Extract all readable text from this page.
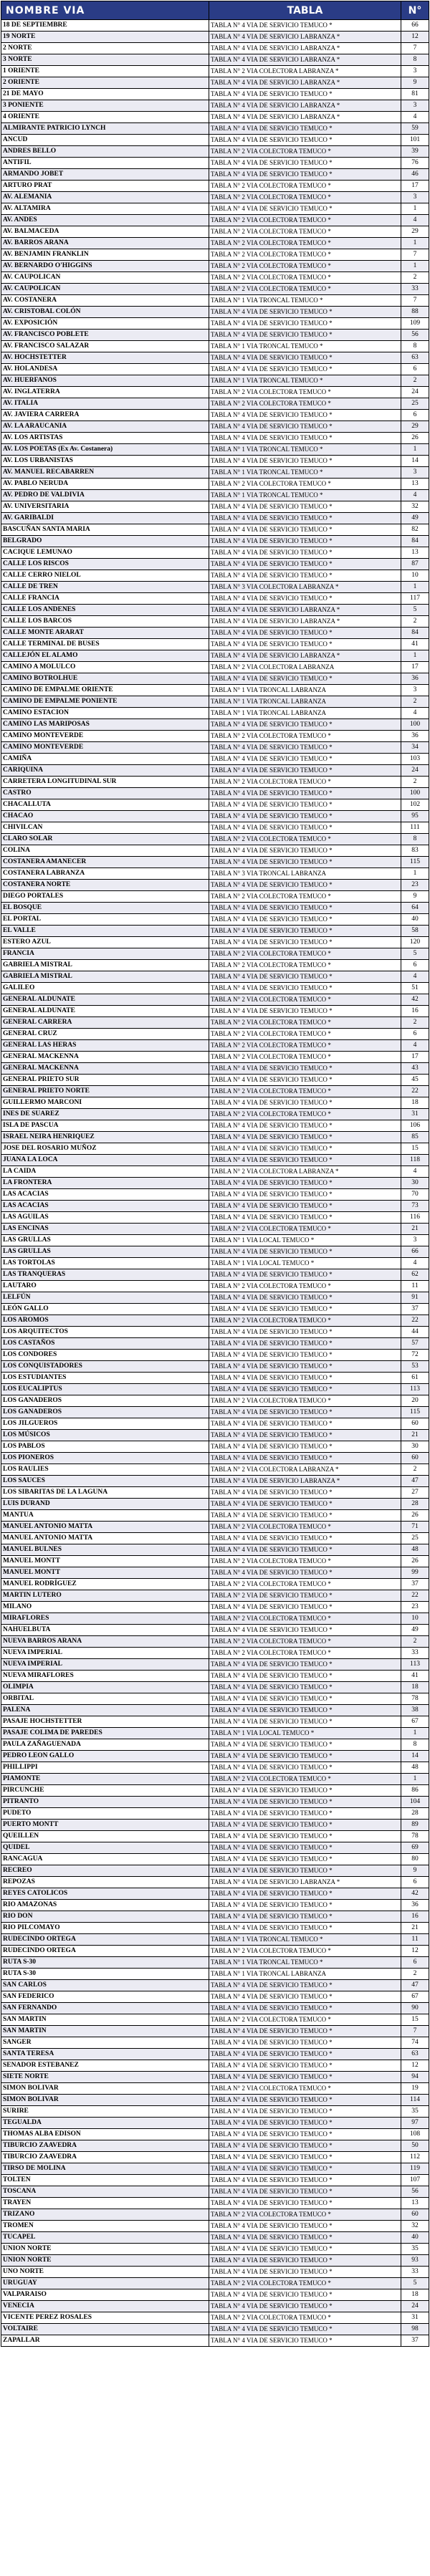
NOMBRE VIA	TABLA	N°
18 DE SEPTIEMBRE	TABLA N° 4 VIA DE SERVICIO TEMUCO *	66
19 NORTE	TABLA N° 4 VIA DE SERVICIO LABRANZA *	12
2 NORTE	TABLA N° 4 VIA DE SERVICIO LABRANZA *	7
3 NORTE	TABLA N° 4 VIA DE SERVICIO LABRANZA *	8
1 ORIENTE	TABLA N° 2 VIA COLECTORA LABRANZA *	3
2 ORIENTE	TABLA N° 4 VIA DE SERVICIO LABRANZA *	9
21 DE MAYO	TABLA N° 4 VIA DE SERVICIO TEMUCO *	81
3 PONIENTE	TABLA N° 4 VIA DE SERVICIO LABRANZA *	3
4 ORIENTE	TABLA N° 4 VIA DE SERVICIO LABRANZA *	4
ALMIRANTE PATRICIO LYNCH	TABLA N° 4 VIA DE SERVICIO TEMUCO *	59
ANCUD	TABLA N° 4 VIA DE SERVICIO TEMUCO *	101
ANDRES BELLO	TABLA N° 2 VIA COLECTORA TEMUCO *	39
ANTIFIL	TABLA N° 4 VIA DE SERVICIO TEMUCO *	76
ARMANDO JOBET	TABLA N° 4 VIA DE SERVICIO TEMUCO *	46
ARTURO PRAT	TABLA N° 2 VIA COLECTORA TEMUCO *	17
AV. ALEMANIA	TABLA N° 2 VIA COLECTORA TEMUCO *	3
AV. ALTAMIRA	TABLA N° 4 VIA DE SERVICIO TEMUCO *	1
AV. ANDES	TABLA N° 2 VIA COLECTORA TEMUCO *	4
AV. BALMACEDA	TABLA N° 2 VIA COLECTORA TEMUCO *	29
AV. BARROS ARANA	TABLA N° 2 VIA COLECTORA TEMUCO *	1
AV. BENJAMIN FRANKLIN	TABLA N° 2 VIA COLECTORA TEMUCO *	7
AV. BERNARDO O'HIGGINS	TABLA N° 2 VIA COLECTORA TEMUCO *	1
AV. CAUPOLICAN	TABLA N° 2 VIA COLECTORA TEMUCO *	2
AV. CAUPOLICAN	TABLA N° 2 VIA COLECTORA TEMUCO *	33
AV. COSTANERA	TABLA N° 1 VIA TRONCAL TEMUCO *	7
AV. CRISTOBAL COLÓN	TABLA N° 4 VIA DE SERVICIO TEMUCO *	88
AV. EXPOSICIÓN	TABLA N° 4 VIA DE SERVICIO TEMUCO *	109
AV. FRANCISCO POBLETE	TABLA N° 4 VIA DE SERVICIO TEMUCO *	56
AV. FRANCISCO SALAZAR	TABLA N° 1 VIA TRONCAL TEMUCO *	8
AV. HOCHSTETTER	TABLA N° 4 VIA DE SERVICIO TEMUCO *	63
AV. HOLANDESA	TABLA N° 4 VIA DE SERVICIO TEMUCO *	6
AV. HUERFANOS	TABLA N° 1 VIA TRONCAL TEMUCO *	2
AV. INGLATERRA	TABLA N° 2 VIA COLECTORA TEMUCO *	24
AV. ITALIA	TABLA N° 2 VIA COLECTORA TEMUCO *	25
AV. JAVIERA CARRERA	TABLA N° 4 VIA DE SERVICIO TEMUCO *	6
AV. LA ARAUCANIA	TABLA N° 4 VIA DE SERVICIO TEMUCO *	29
AV. LOS ARTISTAS	TABLA N° 4 VIA DE SERVICIO TEMUCO *	26
AV. LOS POETAS (Ex Av. Costanera)	TABLA N° 1 VIA TRONCAL TEMUCO *	1
AV. LOS URBANISTAS	TABLA N° 4 VIA DE SERVICIO TEMUCO *	14
AV. MANUEL RECABARREN	TABLA N° 1 VIA TRONCAL TEMUCO *	3
AV. PABLO NERUDA	TABLA N° 2 VIA COLECTORA TEMUCO *	13
AV. PEDRO DE VALDIVIA	TABLA N° 1 VIA TRONCAL TEMUCO *	4
AV. UNIVERSITARIA	TABLA N° 4 VIA DE SERVICIO TEMUCO *	32
AV. GARIBALDI	TABLA N° 4 VIA DE SERVICIO TEMUCO *	49
BASCUÑAN SANTA MARIA	TABLA N° 4 VIA DE SERVICIO TEMUCO *	82
BELGRADO	TABLA N° 4 VIA DE SERVICIO TEMUCO *	84
CACIQUE LEMUNAO	TABLA N° 4 VIA DE SERVICIO TEMUCO *	13
CALLE LOS RISCOS	TABLA N° 4 VIA DE SERVICIO TEMUCO *	87
CALLE CERRO NIELOL	TABLA N° 4 VIA DE SERVICIO TEMUCO *	10
CALLE DE TREN	TABLA N° 3 VIA COLECTORA LABRANZA *	1
CALLE FRANCIA	TABLA N° 4 VIA DE SERVICIO TEMUCO *	117
CALLE LOS ANDENES	TABLA N° 4 VIA DE SERVICIO LABRANZA *	5
CALLE LOS BARCOS	TABLA N° 4 VIA DE SERVICIO LABRANZA *	2
CALLE MONTE ARARAT	TABLA N° 4 VIA DE SERVICIO TEMUCO *	84
CALLE TERMINAL DE BUSES	TABLA N° 4 VIA DE SERVICIO TEMUCO *	41
CALLEJÓN EL ALAMO	TABLA N° 4 VIA DE SERVICIO LABRANZA *	1
CAMINO A MOLULCO	TABLA N° 2 VIA COLECTORA LABRANZA	17
CAMINO BOTROLHUE	TABLA N° 4 VIA DE SERVICIO TEMUCO *	36
CAMINO DE EMPALME ORIENTE	TABLA N° 1 VIA TRONCAL LABRANZA	3
CAMINO DE EMPALME PONIENTE	TABLA N° 1 VIA TRONCAL LABRANZA	2
CAMINO ESTACION	TABLA N° 1 VIA TRONCAL LABRANZA	4
CAMINO LAS MARIPOSAS	TABLA N° 4 VIA DE SERVICIO TEMUCO *	100
CAMINO MONTEVERDE	TABLA N° 2 VIA COLECTORA TEMUCO *	36
CAMINO MONTEVERDE	TABLA N° 4 VIA DE SERVICIO TEMUCO *	34
CAMIÑA	TABLA N° 4 VIA DE SERVICIO TEMUCO *	103
CARIQUINA	TABLA N° 4 VIA DE SERVICIO TEMUCO *	24
CARRETERA LONGITUDINAL SUR	TABLA N° 2 VIA COLECTORA TEMUCO *	2
CASTRO	TABLA N° 4 VIA DE SERVICIO TEMUCO *	100
CHACALLUTA	TABLA N° 4 VIA DE SERVICIO TEMUCO *	102
CHACAO	TABLA N° 4 VIA DE SERVICIO TEMUCO *	95
CHIVILCAN	TABLA N° 4 VIA DE SERVICIO TEMUCO *	111
CLARO SOLAR	TABLA N° 2 VIA COLECTORA TEMUCO *	8
COLINA	TABLA N° 4 VIA DE SERVICIO TEMUCO *	83
COSTANERA AMANECER	TABLA N° 4 VIA DE SERVICIO TEMUCO *	115
COSTANERA LABRANZA	TABLA N° 3 VIA TRONCAL LABRANZA	1
COSTANERA NORTE	TABLA N° 4 VIA DE SERVICIO TEMUCO *	23
DIEGO PORTALES	TABLA N° 2 VIA COLECTORA TEMUCO *	9
EL BOSQUE	TABLA N° 4 VIA DE SERVICIO TEMUCO *	64
EL PORTAL	TABLA N° 4 VIA DE SERVICIO TEMUCO *	40
EL VALLE	TABLA N° 4 VIA DE SERVICIO TEMUCO *	58
ESTERO AZUL	TABLA N° 4 VIA DE SERVICIO TEMUCO *	120
FRANCIA	TABLA N° 2 VIA COLECTORA TEMUCO *	5
GABRIELA MISTRAL	TABLA N° 2 VIA COLECTORA TEMUCO *	6
GABRIELA MISTRAL	TABLA N° 4 VIA DE SERVICIO TEMUCO *	4
GALILEO	TABLA N° 4 VIA DE SERVICIO TEMUCO *	51
GENERAL ALDUNATE	TABLA N° 2 VIA COLECTORA TEMUCO *	42
GENERAL ALDUNATE	TABLA N° 4 VIA DE SERVICIO TEMUCO *	16
GENERAL CARRERA	TABLA N° 2 VIA COLECTORA TEMUCO *	2
GENERAL CRUZ	TABLA N° 2 VIA COLECTORA TEMUCO *	6
GENERAL LAS HERAS	TABLA N° 2 VIA COLECTORA TEMUCO *	4
GENERAL MACKENNA	TABLA N° 2 VIA COLECTORA TEMUCO *	17
GENERAL MACKENNA	TABLA N° 4 VIA DE SERVICIO TEMUCO *	43
GENERAL PRIETO SUR	TABLA N° 4 VIA DE SERVICIO TEMUCO *	45
GENERAL PRIETO NORTE	TABLA N° 2 VIA COLECTORA TEMUCO *	22
GUILLERMO MARCONI	TABLA N° 4 VIA DE SERVICIO TEMUCO *	18
INES DE SUAREZ	TABLA N° 2 VIA COLECTORA TEMUCO *	31
ISLA DE PASCUA	TABLA N° 4 VIA DE SERVICIO TEMUCO *	106
ISRAEL NEIRA HENRIQUEZ	TABLA N° 4 VIA DE SERVICIO TEMUCO *	85
JOSE DEL ROSARIO MUÑOZ	TABLA N° 4 VIA DE SERVICIO TEMUCO *	15
JUANA LA LOCA	TABLA N° 4 VIA DE SERVICIO TEMUCO *	118
LA CAIDA	TABLA N° 2 VIA COLECTORA LABRANZA *	4
LA FRONTERA	TABLA N° 4 VIA DE SERVICIO TEMUCO *	30
LAS ACACIAS	TABLA N° 4 VIA DE SERVICIO TEMUCO *	70
LAS ACACIAS	TABLA N° 4 VIA DE SERVICIO TEMUCO *	73
LAS AGUILAS	TABLA N° 4 VIA DE SERVICIO TEMUCO *	116
LAS ENCINAS	TABLA N° 2 VIA COLECTORA TEMUCO *	21
LAS GRULLAS	TABLA N° 1 VIA LOCAL TEMUCO *	3
LAS GRULLAS	TABLA N° 4 VIA DE SERVICIO TEMUCO *	66
LAS TORTOLAS	TABLA N° 1 VIA LOCAL TEMUCO *	4
LAS TRANQUERAS	TABLA N° 4 VIA DE SERVICIO TEMUCO *	62
LAUTARO	TABLA N° 2 VIA COLECTORA TEMUCO *	11
LELFÚN	TABLA N° 4 VIA DE SERVICIO TEMUCO *	91
LEÓN GALLO	TABLA N° 4 VIA DE SERVICIO TEMUCO *	37
LOS AROMOS	TABLA N° 2 VIA COLECTORA TEMUCO *	22
LOS ARQUITECTOS	TABLA N° 4 VIA DE SERVICIO TEMUCO *	44
LOS CASTAÑOS	TABLA N° 4 VIA DE SERVICIO TEMUCO *	57
LOS CONDORES	TABLA N° 4 VIA DE SERVICIO TEMUCO *	72
LOS CONQUISTADORES	TABLA N° 4 VIA DE SERVICIO TEMUCO *	53
LOS ESTUDIANTES	TABLA N° 4 VIA DE SERVICIO TEMUCO *	61
LOS EUCALIPTUS	TABLA N° 4 VIA DE SERVICIO TEMUCO *	113
LOS GANADEROS	TABLA N° 2 VIA COLECTORA TEMUCO *	20
LOS GANADEROS	TABLA N° 4 VIA DE SERVICIO TEMUCO *	115
LOS JILGUEROS	TABLA N° 4 VIA DE SERVICIO TEMUCO *	60
LOS MÚSICOS	TABLA N° 4 VIA DE SERVICIO TEMUCO *	21
LOS PABLOS	TABLA N° 4 VIA DE SERVICIO TEMUCO *	30
LOS PIONEROS	TABLA N° 4 VIA DE SERVICIO TEMUCO *	60
LOS RAULIES	TABLA N° 2 VIA COLECTORA LABRANZA *	2
LOS SAUCES	TABLA N° 4 VIA DE SERVICIO LABRANZA *	47
LOS SIBARITAS DE LA LAGUNA	TABLA N° 4 VIA DE SERVICIO TEMUCO *	27
LUIS DURAND	TABLA N° 4 VIA DE SERVICIO TEMUCO *	28
MANTUA	TABLA N° 4 VIA DE SERVICIO TEMUCO *	26
MANUEL ANTONIO MATTA	TABLA N° 2 VIA COLECTORA TEMUCO *	71
MANUEL ANTONIO MATTA	TABLA N° 4 VIA DE SERVICIO TEMUCO *	25
MANUEL BULNES	TABLA N° 4 VIA DE SERVICIO TEMUCO *	48
MANUEL MONTT	TABLA N° 2 VIA COLECTORA TEMUCO *	26
MANUEL MONTT	TABLA N° 4 VIA DE SERVICIO TEMUCO *	99
MANUEL RODRÍGUEZ	TABLA N° 2 VIA COLECTORA TEMUCO *	37
MARTIN LUTERO	TABLA N° 2 VIA DE SERVICIO TEMUCO *	22
MILANO	TABLA N° 4 VIA DE SERVICIO TEMUCO *	23
MIRAFLORES	TABLA N° 2 VIA COLECTORA TEMUCO *	10
NAHUELBUTA	TABLA N° 4 VIA DE SERVICIO TEMUCO *	49
NUEVA BARROS ARANA	TABLA N° 2 VIA COLECTORA TEMUCO *	2
NUEVA IMPERIAL	TABLA N° 2 VIA COLECTORA TEMUCO *	33
NUEVA IMPERIAL	TABLA N° 4 VIA DE SERVICIO TEMUCO *	113
NUEVA MIRAFLORES	TABLA N° 4 VIA DE SERVICIO TEMUCO *	41
OLIMPIA	TABLA N° 4 VIA DE SERVICIO TEMUCO *	18
ORBITAL	TABLA N° 4 VIA DE SERVICIO TEMUCO *	78
PALENA	TABLA N° 4 VIA DE SERVICIO TEMUCO *	38
PASAJE HOCHSTETTER	TABLA N° 4 VIA DE SERVICIO TEMUCO *	67
PASAJE COLIMA DE PAREDES	TABLA N° 1 VIA LOCAL TEMUCO *	1
PAULA ZAÑAGUENADA	TABLA N° 4 VIA DE SERVICIO TEMUCO *	8
PEDRO LEON GALLO	TABLA N° 4 VIA DE SERVICIO TEMUCO *	14
PHILLIPPI	TABLA N° 4 VIA DE SERVICIO TEMUCO *	48
PIAMONTE	TABLA N° 2 VIA COLECTORA TEMUCO *	1
PIRCUNCHE	TABLA N° 4 VIA DE SERVICIO TEMUCO *	86
PITRANTO	TABLA N° 4 VIA DE SERVICIO TEMUCO *	104
PUDETO	TABLA N° 4 VIA DE SERVICIO TEMUCO *	28
PUERTO MONTT	TABLA N° 4 VIA DE SERVICIO TEMUCO *	89
QUEILLEN	TABLA N° 4 VIA DE SERVICIO TEMUCO *	78
QUIDEL	TABLA N° 4 VIA DE SERVICIO TEMUCO *	69
RANCAGUA	TABLA N° 4 VIA DE SERVICIO TEMUCO *	80
RECREO	TABLA N° 4 VIA DE SERVICIO TEMUCO *	9
REPOZAS	TABLA N° 4 VIA DE SERVICIO LABRANZA *	6
REYES CATOLICOS	TABLA N° 4 VIA DE SERVICIO TEMUCO *	42
RIO AMAZONAS	TABLA N° 4 VIA DE SERVICIO TEMUCO *	36
RIO DON	TABLA N° 4 VIA DE SERVICIO TEMUCO *	16
RIO PILCOMAYO	TABLA N° 4 VIA DE SERVICIO TEMUCO *	21
RUDECINDO ORTEGA	TABLA N° 1 VIA TRONCAL TEMUCO *	11
RUDECINDO ORTEGA	TABLA N° 2 VIA COLECTORA TEMUCO *	12
RUTA S-30	TABLA N° 1 VIA TRONCAL TEMUCO *	6
RUTA S-30	TABLA N° 1 VIA TRONCAL LABRANZA	2
SAN CARLOS	TABLA N° 4 VIA DE SERVICIO TEMUCO *	47
SAN FEDERICO	TABLA N° 4 VIA DE SERVICIO TEMUCO *	67
SAN FERNANDO	TABLA N° 4 VIA DE SERVICIO TEMUCO *	90
SAN MARTIN	TABLA N° 2 VIA COLECTORA TEMUCO *	15
SAN MARTIN	TABLA N° 4 VIA DE SERVICIO TEMUCO *	7
SANGER	TABLA N° 4 VIA DE SERVICIO TEMUCO *	74
SANTA TERESA	TABLA N° 4 VIA DE SERVICIO TEMUCO *	63
SENADOR ESTEBANEZ	TABLA N° 4 VIA DE SERVICIO TEMUCO *	12
SIETE NORTE	TABLA N° 4 VIA DE SERVICIO TEMUCO *	94
SIMON BOLIVAR	TABLA N° 2 VIA COLECTORA TEMUCO *	19
SIMON BOLIVAR	TABLA N° 4 VIA DE SERVICIO TEMUCO *	114
SURIRE	TABLA N° 4 VIA DE SERVICIO TEMUCO *	35
TEGUALDA	TABLA N° 4 VIA DE SERVICIO TEMUCO *	97
THOMAS ALBA EDISON	TABLA N° 4 VIA DE SERVICIO TEMUCO *	108
TIBURCIO ZAAVEDRA	TABLA N° 4 VIA DE SERVICIO TEMUCO *	50
TIBURCIO ZAAVEDRA	TABLA N° 4 VIA DE SERVICIO TEMUCO *	112
TIRSO DE MOLINA	TABLA N° 4 VIA DE SERVICIO TEMUCO *	119
TOLTEN	TABLA N° 4 VIA DE SERVICIO TEMUCO *	107
TOSCANA	TABLA N° 4 VIA DE SERVICIO TEMUCO *	56
TRAYEN	TABLA N° 4 VIA DE SERVICIO TEMUCO *	13
TRIZANO	TABLA N° 2 VIA COLECTORA TEMUCO *	60
TROMEN	TABLA N° 4 VIA DE SERVICIO TEMUCO *	32
TUCAPEL	TABLA N° 4 VIA DE SERVICIO TEMUCO *	40
UNION NORTE	TABLA N° 4 VIA DE SERVICIO TEMUCO *	35
UNION NORTE	TABLA N° 4 VIA DE SERVICIO TEMUCO *	93
UNO NORTE	TABLA N° 4 VIA DE SERVICIO TEMUCO *	33
URUGUAY	TABLA N° 2 VIA COLECTORA TEMUCO *	5
VALPARAISO	TABLA N° 4 VIA DE SERVICIO TEMUCO *	18
VENECIA	TABLA N° 4 VIA DE SERVICIO TEMUCO *	24
VICENTE PEREZ ROSALES	TABLA N° 2 VIA COLECTORA TEMUCO *	31
VOLTAIRE	TABLA N° 4 VIA DE SERVICIO TEMUCO *	98
ZAPALLAR	TABLA N° 4 VIA DE SERVICIO TEMUCO *	37
